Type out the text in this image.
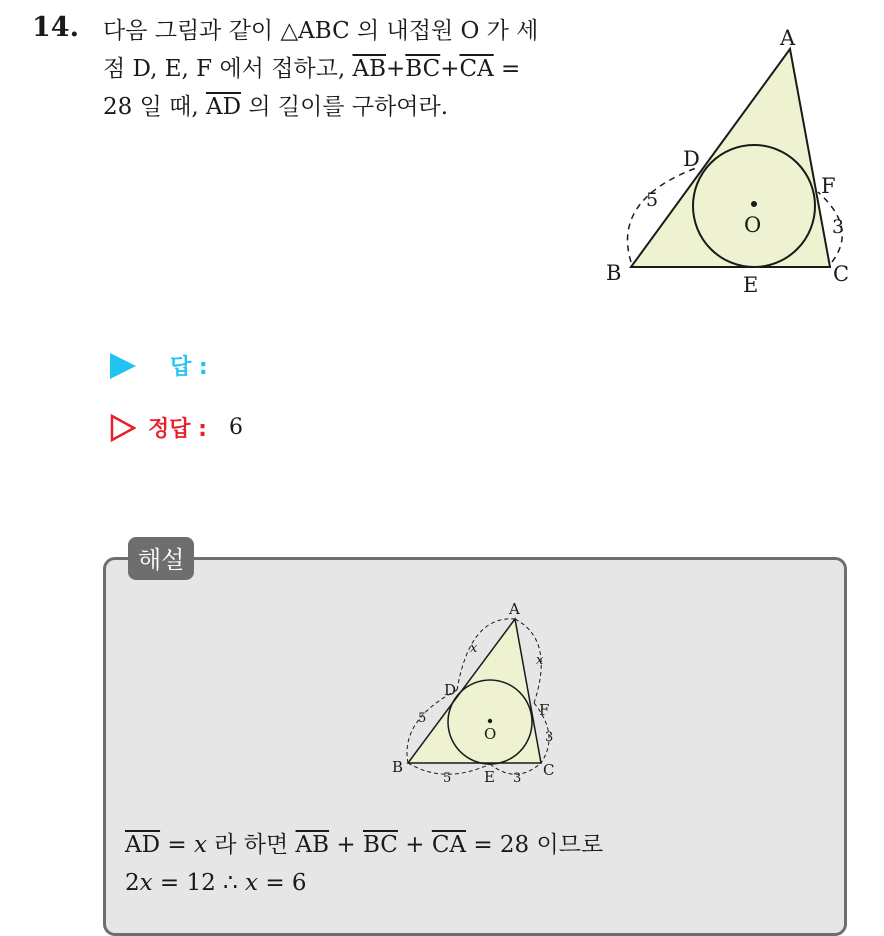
14. 다음 그림과 같이 △ABC 의 내접원 O 가 세
점 D, E, F 에서 접하고, $\overline{AB}+\overline{BC}+\overline{CA}$ =
28 일 때, $\overline{AD}$ 의 길이를 구하여라.
A
B	C
D
E
F
O
5
3
답 :
정답 : 6
해설
A
B	C
D
E
F
O
x
x
5
5	3
3
$\overline{AD} = x$ 라 하면 $\overline{AB} + \overline{BC} + \overline{CA} = 28$ 이므로
2x = 12 ∴ x = 6
